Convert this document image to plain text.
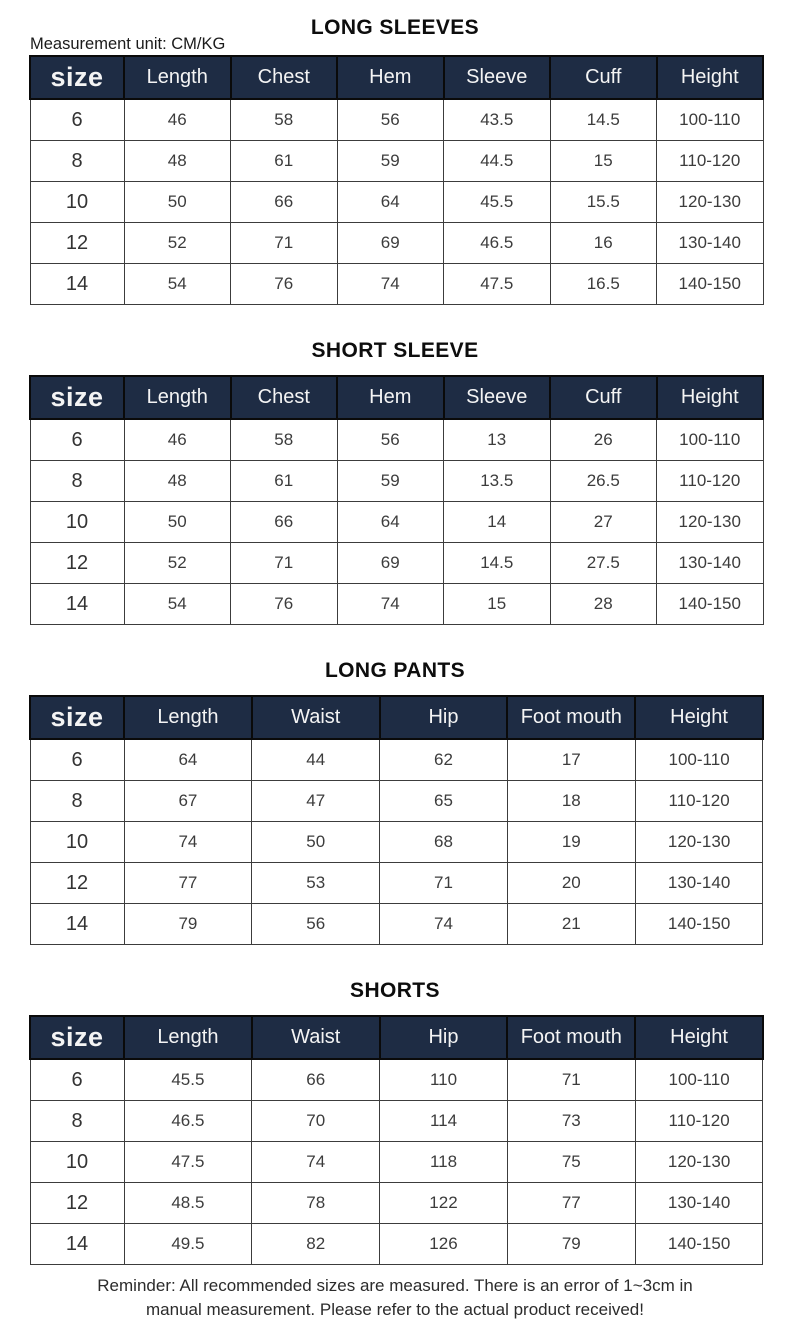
Measurement unit: CM/KG
LONG SLEEVES
size	Length	Chest	Hem	Sleeve	Cuff	Height
6	46	58	56	43.5	14.5	100-110
8	48	61	59	44.5	15	110-120
10	50	66	64	45.5	15.5	120-130
12	52	71	69	46.5	16	130-140
14	54	76	74	47.5	16.5	140-150
SHORT SLEEVE
size	Length	Chest	Hem	Sleeve	Cuff	Height
6	46	58	56	13	26	100-110
8	48	61	59	13.5	26.5	110-120
10	50	66	64	14	27	120-130
12	52	71	69	14.5	27.5	130-140
14	54	76	74	15	28	140-150
LONG PANTS
size	Length	Waist	Hip	Foot mouth	Height
6	64	44	62	17	100-110
8	67	47	65	18	110-120
10	74	50	68	19	120-130
12	77	53	71	20	130-140
14	79	56	74	21	140-150
SHORTS
size	Length	Waist	Hip	Foot mouth	Height
6	45.5	66	110	71	100-110
8	46.5	70	114	73	110-120
10	47.5	74	118	75	120-130
12	48.5	78	122	77	130-140
14	49.5	82	126	79	140-150
Reminder: All recommended sizes are measured. There is an error of 1~3cm in manual measurement. Please refer to the actual product received!
